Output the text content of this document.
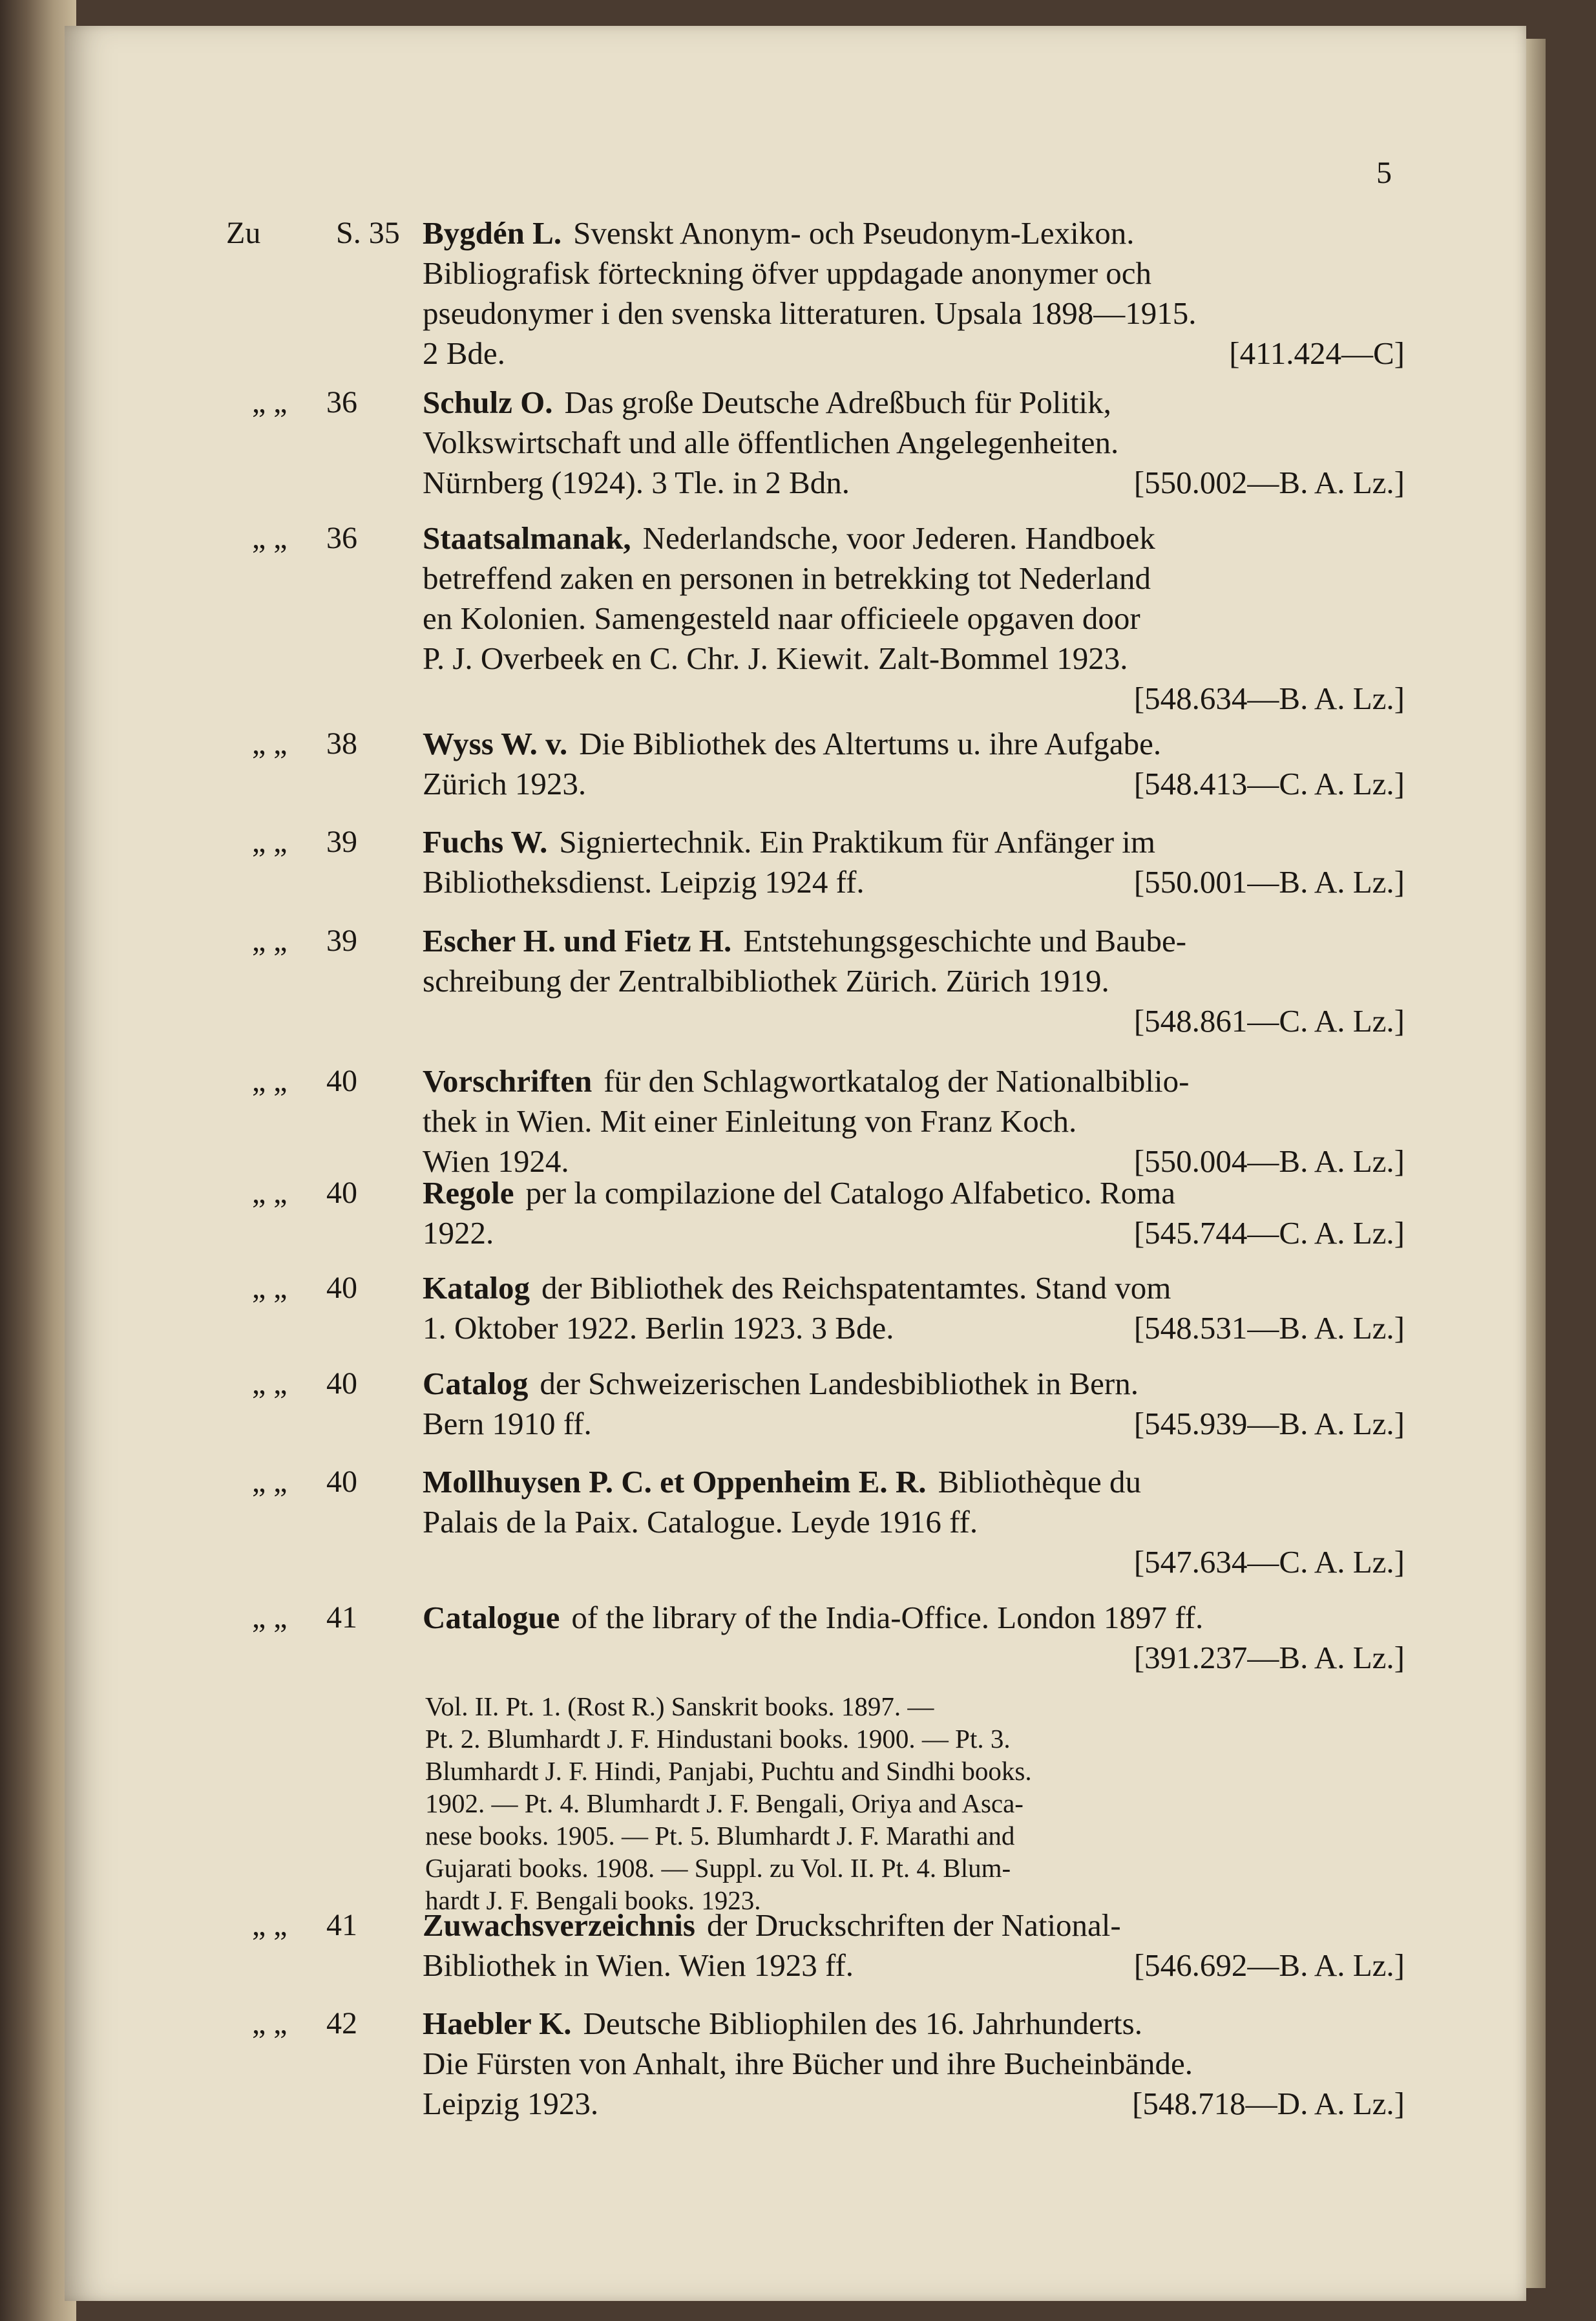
5
Zu S. 35 Bygdén L. Svenskt Anonym- och Pseudonym-Lexikon.
Bibliografisk förteckning öfver uppdagade anonymer och
pseudonymer i den svenska litteraturen. Upsala 1898—1915.
2 Bde.	[411.424—C]
„ „ 36	Schulz O. Das große Deutsche Adreßbuch für Politik,
Volkswirtschaft und alle öffentlichen Angelegenheiten.
Nürnberg (1924). 3 Tle. in 2 Bdn.	[550.002—B. A. Lz.]
„ „ 36	Staatsalmanak, Nederlandsche, voor Jederen. Handboek
betreffend zaken en personen in betrekking tot Nederland
en Kolonien. Samengesteld naar officieele opgaven door
P. J. Overbeek en C. Chr. J. Kiewit. Zalt-Bommel 1923.
[548.634—B. A. Lz.]
„ „ 38	Wyss W. v. Die Bibliothek des Altertums u. ihre Aufgabe.
Zürich 1923.	[548.413—C. A. Lz.]
„ „ 39	Fuchs W. Signiertechnik. Ein Praktikum für Anfänger im
Bibliotheksdienst. Leipzig 1924 ff.	[550.001—B. A. Lz.]
„ „ 39	Escher H. und Fietz H. Entstehungsgeschichte und Baube-
schreibung der Zentralbibliothek Zürich. Zürich 1919.
[548.861—C. A. Lz.]
„ „ 40	Vorschriften für den Schlagwortkatalog der Nationalbiblio-
thek in Wien. Mit einer Einleitung von Franz Koch.
Wien 1924.	[550.004—B. A. Lz.]
„ „ 40	Regole per la compilazione del Catalogo Alfabetico. Roma
1922.	[545.744—C. A. Lz.]
„ „ 40	Katalog der Bibliothek des Reichspatentamtes. Stand vom
1. Oktober 1922. Berlin 1923. 3 Bde.	[548.531—B. A. Lz.]
„ „ 40	Catalog der Schweizerischen Landesbibliothek in Bern.
Bern 1910 ff.	[545.939—B. A. Lz.]
„ „ 40	Mollhuysen P. C. et Oppenheim E. R. Bibliothèque du
Palais de la Paix. Catalogue. Leyde 1916 ff.
[547.634—C. A. Lz.]
„ „ 41	Catalogue of the library of the India-Office. London 1897 ff.
[391.237—B. A. Lz.]
„ „ 41	Zuwachsverzeichnis der Druckschriften der National-
Bibliothek in Wien. Wien 1923 ff.	[546.692—B. A. Lz.]
„ „ 42	Haebler K. Deutsche Bibliophilen des 16. Jahrhunderts.
Die Fürsten von Anhalt, ihre Bücher und ihre Bucheinbände.
Leipzig 1923.	[548.718—D. A. Lz.]
Vol. II. Pt. 1. (Rost R.) Sanskrit books. 1897. —
Pt. 2. Blumhardt J. F. Hindustani books. 1900. — Pt. 3.
Blumhardt J. F. Hindi, Panjabi, Puchtu and Sindhi books.
1902. — Pt. 4. Blumhardt J. F. Bengali, Oriya and Asca-
nese books. 1905. — Pt. 5. Blumhardt J. F. Marathi and
Gujarati books. 1908. — Suppl. zu Vol. II. Pt. 4. Blum-
hardt J. F. Bengali books. 1923.
